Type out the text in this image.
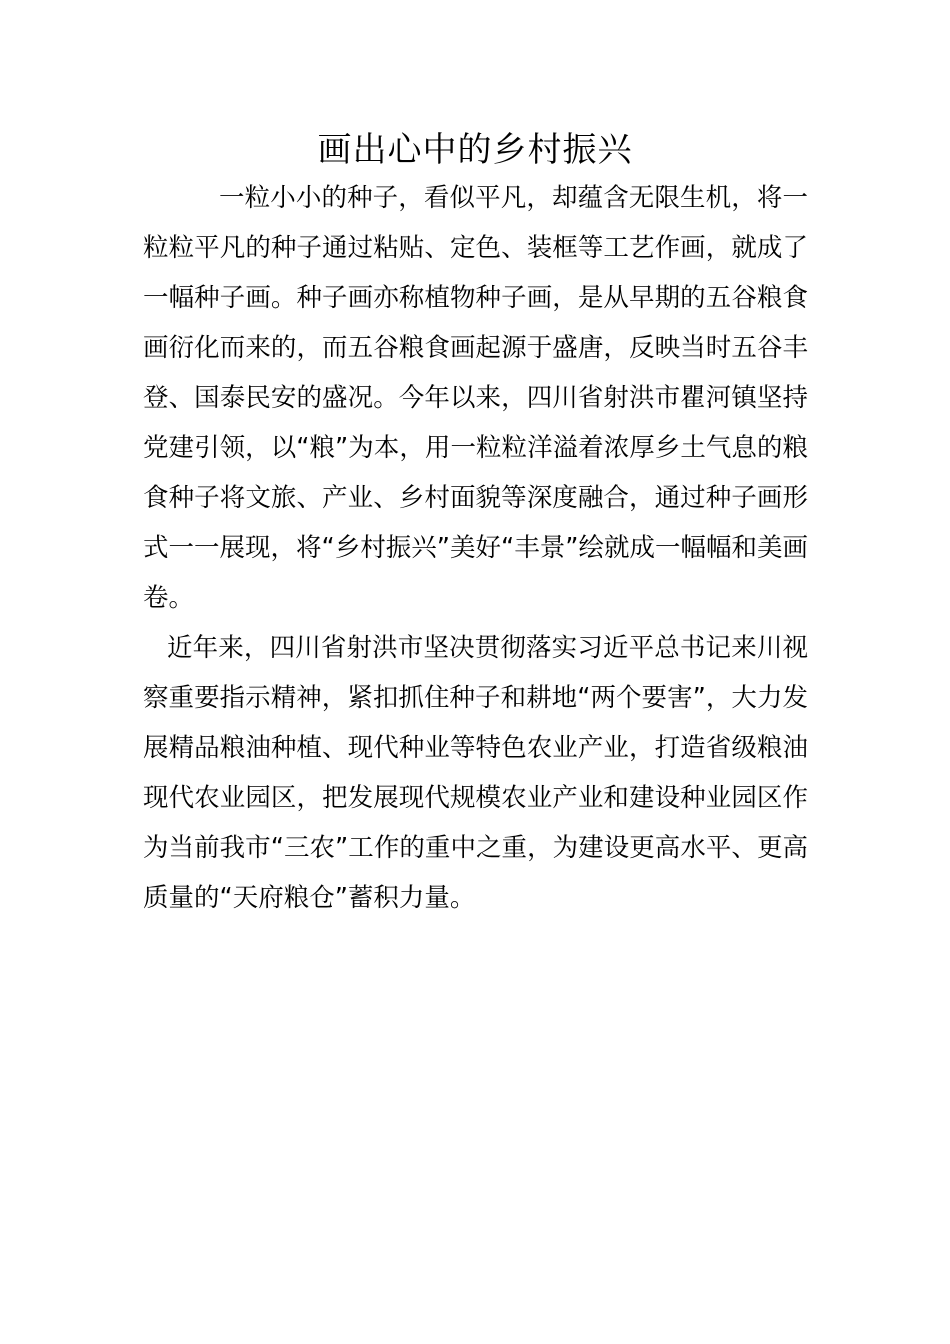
画出心中的乡村振兴

一粒小小的种子，看似平凡，却蕴含无限生机，将一粒粒平凡的种子通过粘贴、定色、装框等工艺作画，就成了一幅种子画。种子画亦称植物种子画，是从早期的五谷粮食画衍化而来的，而五谷粮食画起源于盛唐，反映当时五谷丰登、国泰民安的盛况。今年以来，四川省射洪市瞿河镇坚持党建引领，以“粮”为本，用一粒粒洋溢着浓厚乡土气息的粮食种子将文旅、产业、乡村面貌等深度融合，通过种子画形式一一展现，将“乡村振兴”美好“丰景”绘就成一幅幅和美画卷。

近年来，四川省射洪市坚决贯彻落实习近平总书记来川视察重要指示精神，紧扣抓住种子和耕地“两个要害”，大力发展精品粮油种植、现代种业等特色农业产业，打造省级粮油现代农业园区，把发展现代规模农业产业和建设种业园区作为当前我市“三农”工作的重中之重，为建设更高水平、更高质量的“天府粮仓”蓄积力量。
